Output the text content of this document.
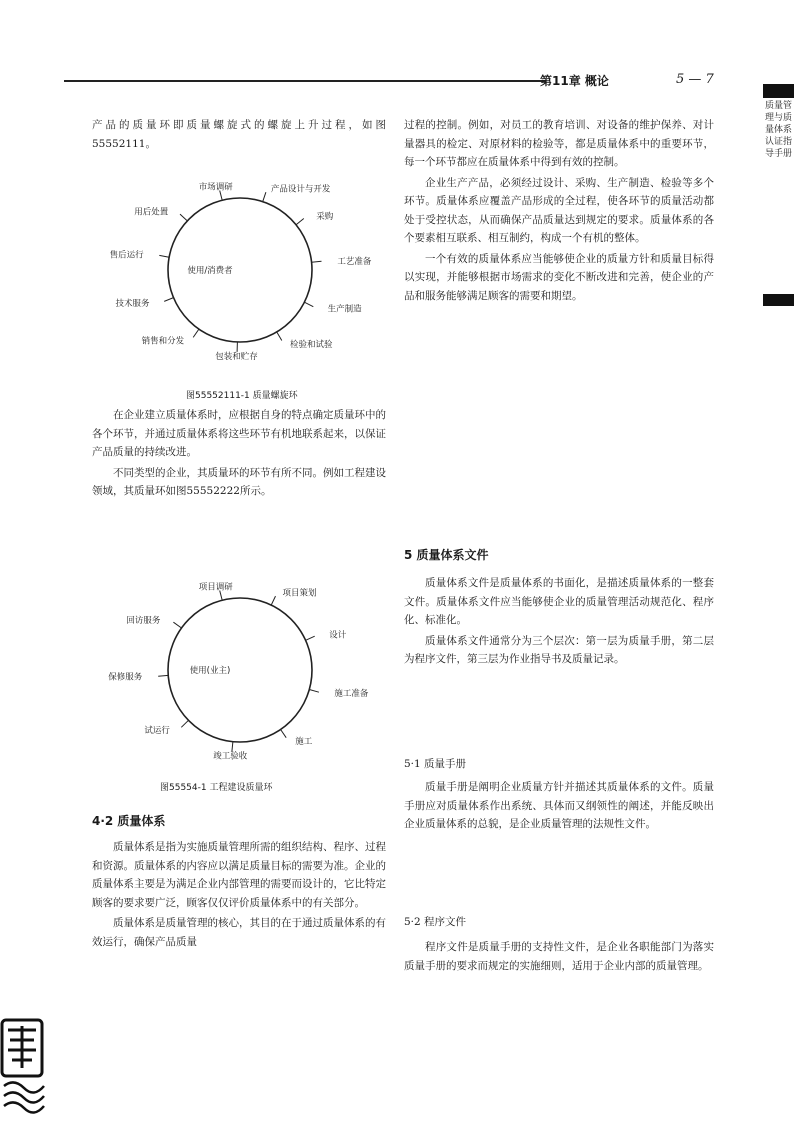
第11章 概论	5 — 7
质量管理与质量体系认证指导手册

产品的质量环即质量螺旋式的螺旋上升过程，如图55552111。

市场调研	产品设计与开发
采购
工艺准备
生产制造
检验和试验
包装和贮存
销售和分发
技术服务
售后运行
用后处置
使用/消费者
图55552111-1 质量螺旋环

在企业建立质量体系时，应根据自身的特点确定质量环中的各个环节，并通过质量体系将这些环节有机地联系起来，以保证产品质量的持续改进。

不同类型的企业，其质量环的环节有所不同。例如工程建设领域，其质量环如图55552222所示。

项目调研
项目策划
设计
施工准备
施工
竣工验收
试运行
保修服务
回访服务
使用(业主)
图55554-1 工程建设质量环
4·2 质量体系

质量体系是指为实施质量管理所需的组织结构、程序、过程和资源。质量体系的内容应以满足质量目标的需要为准。企业的质量体系主要是为满足企业内部管理的需要而设计的，它比特定顾客的要求要广泛，顾客仅仅评价质量体系中的有关部分。

质量体系是质量管理的核心，其目的在于通过质量体系的有效运行，确保产品质量

过程的控制。例如，对员工的教育培训、对设备的维护保养、对计量器具的检定、对原材料的检验等，都是质量体系中的重要环节，每一个环节都应在质量体系中得到有效的控制。

企业生产产品，必须经过设计、采购、生产制造、检验等多个环节。质量体系应覆盖产品形成的全过程，使各环节的质量活动都处于受控状态，从而确保产品质量达到规定的要求。质量体系的各个要素相互联系、相互制约，构成一个有机的整体。

一个有效的质量体系应当能够使企业的质量方针和质量目标得以实现，并能够根据市场需求的变化不断改进和完善，使企业的产品和服务能够满足顾客的需要和期望。

5 质量体系文件

质量体系文件是质量体系的书面化，是描述质量体系的一整套文件。质量体系文件应当能够使企业的质量管理活动规范化、程序化、标准化。

质量体系文件通常分为三个层次：第一层为质量手册，第二层为程序文件，第三层为作业指导书及质量记录。

5·1 质量手册

质量手册是阐明企业质量方针并描述其质量体系的文件。质量手册应对质量体系作出系统、具体而又纲领性的阐述，并能反映出企业质量体系的总貌，是企业质量管理的法规性文件。

5·2 程序文件

程序文件是质量手册的支持性文件，是企业各职能部门为落实质量手册的要求而规定的实施细则，适用于企业内部的质量管理。
